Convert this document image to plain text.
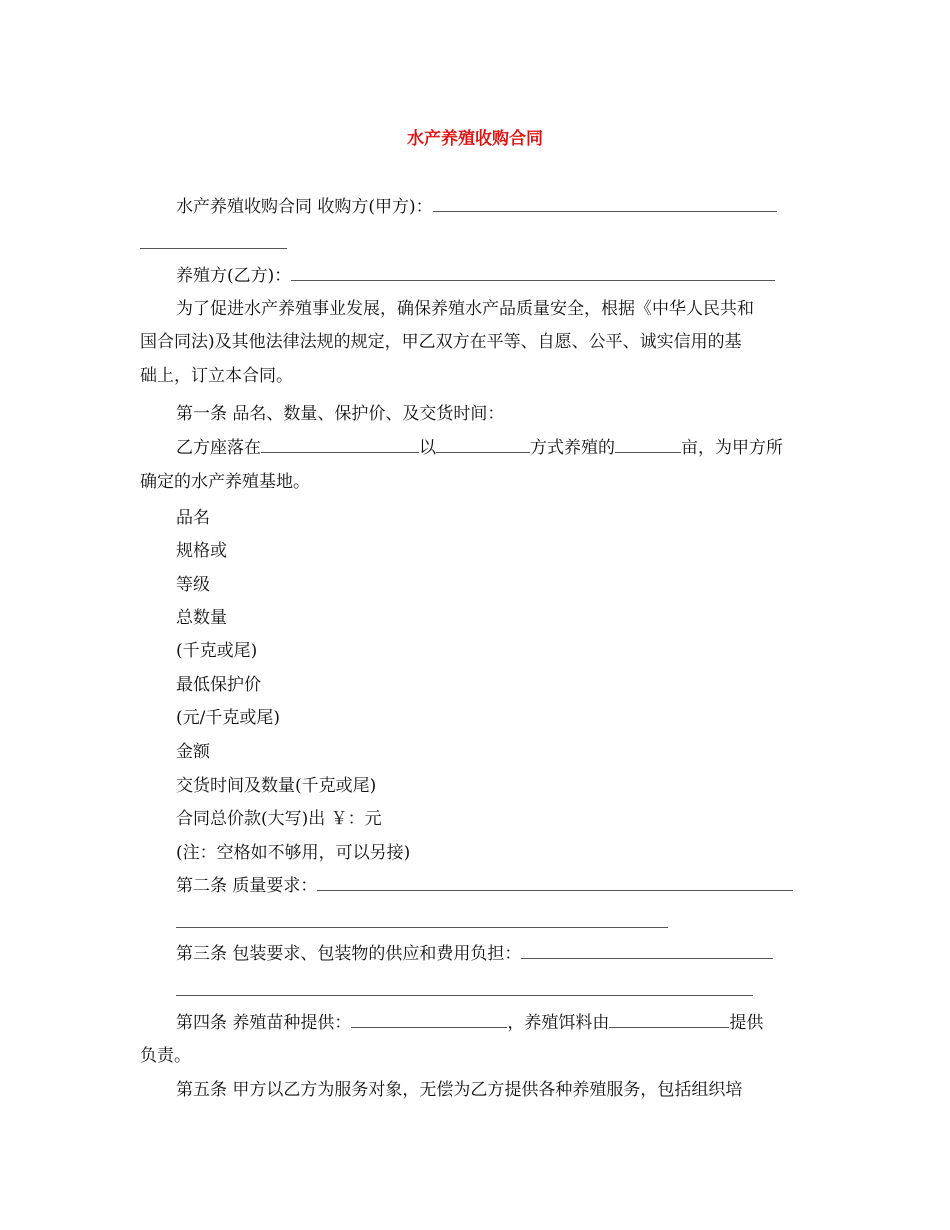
水产养殖收购合同
水产养殖收购合同 收购方(甲方)：
养殖方(乙方)：
为了促进水产养殖事业发展，确保养殖水产品质量安全，根据《中华人民共和
国合同法)及其他法律法规的规定，甲乙双方在平等、自愿、公平、诚实信用的基
础上，订立本合同。
第一条 品名、数量、保护价、及交货时间：
乙方座落在	以	方式养殖的	亩，为甲方所
确定的水产养殖基地。
品名
规格或
等级
总数量
(千克或尾)
最低保护价
(元/千克或尾)
金额
交货时间及数量(千克或尾)
合同总价款(大写)出 ￥：元
(注：空格如不够用，可以另接)
第二条 质量要求：
第三条 包装要求、包装物的供应和费用负担：
第四条 养殖苗种提供：	，养殖饵料由	提供
负责。
第五条 甲方以乙方为服务对象，无偿为乙方提供各种养殖服务，包括组织培
